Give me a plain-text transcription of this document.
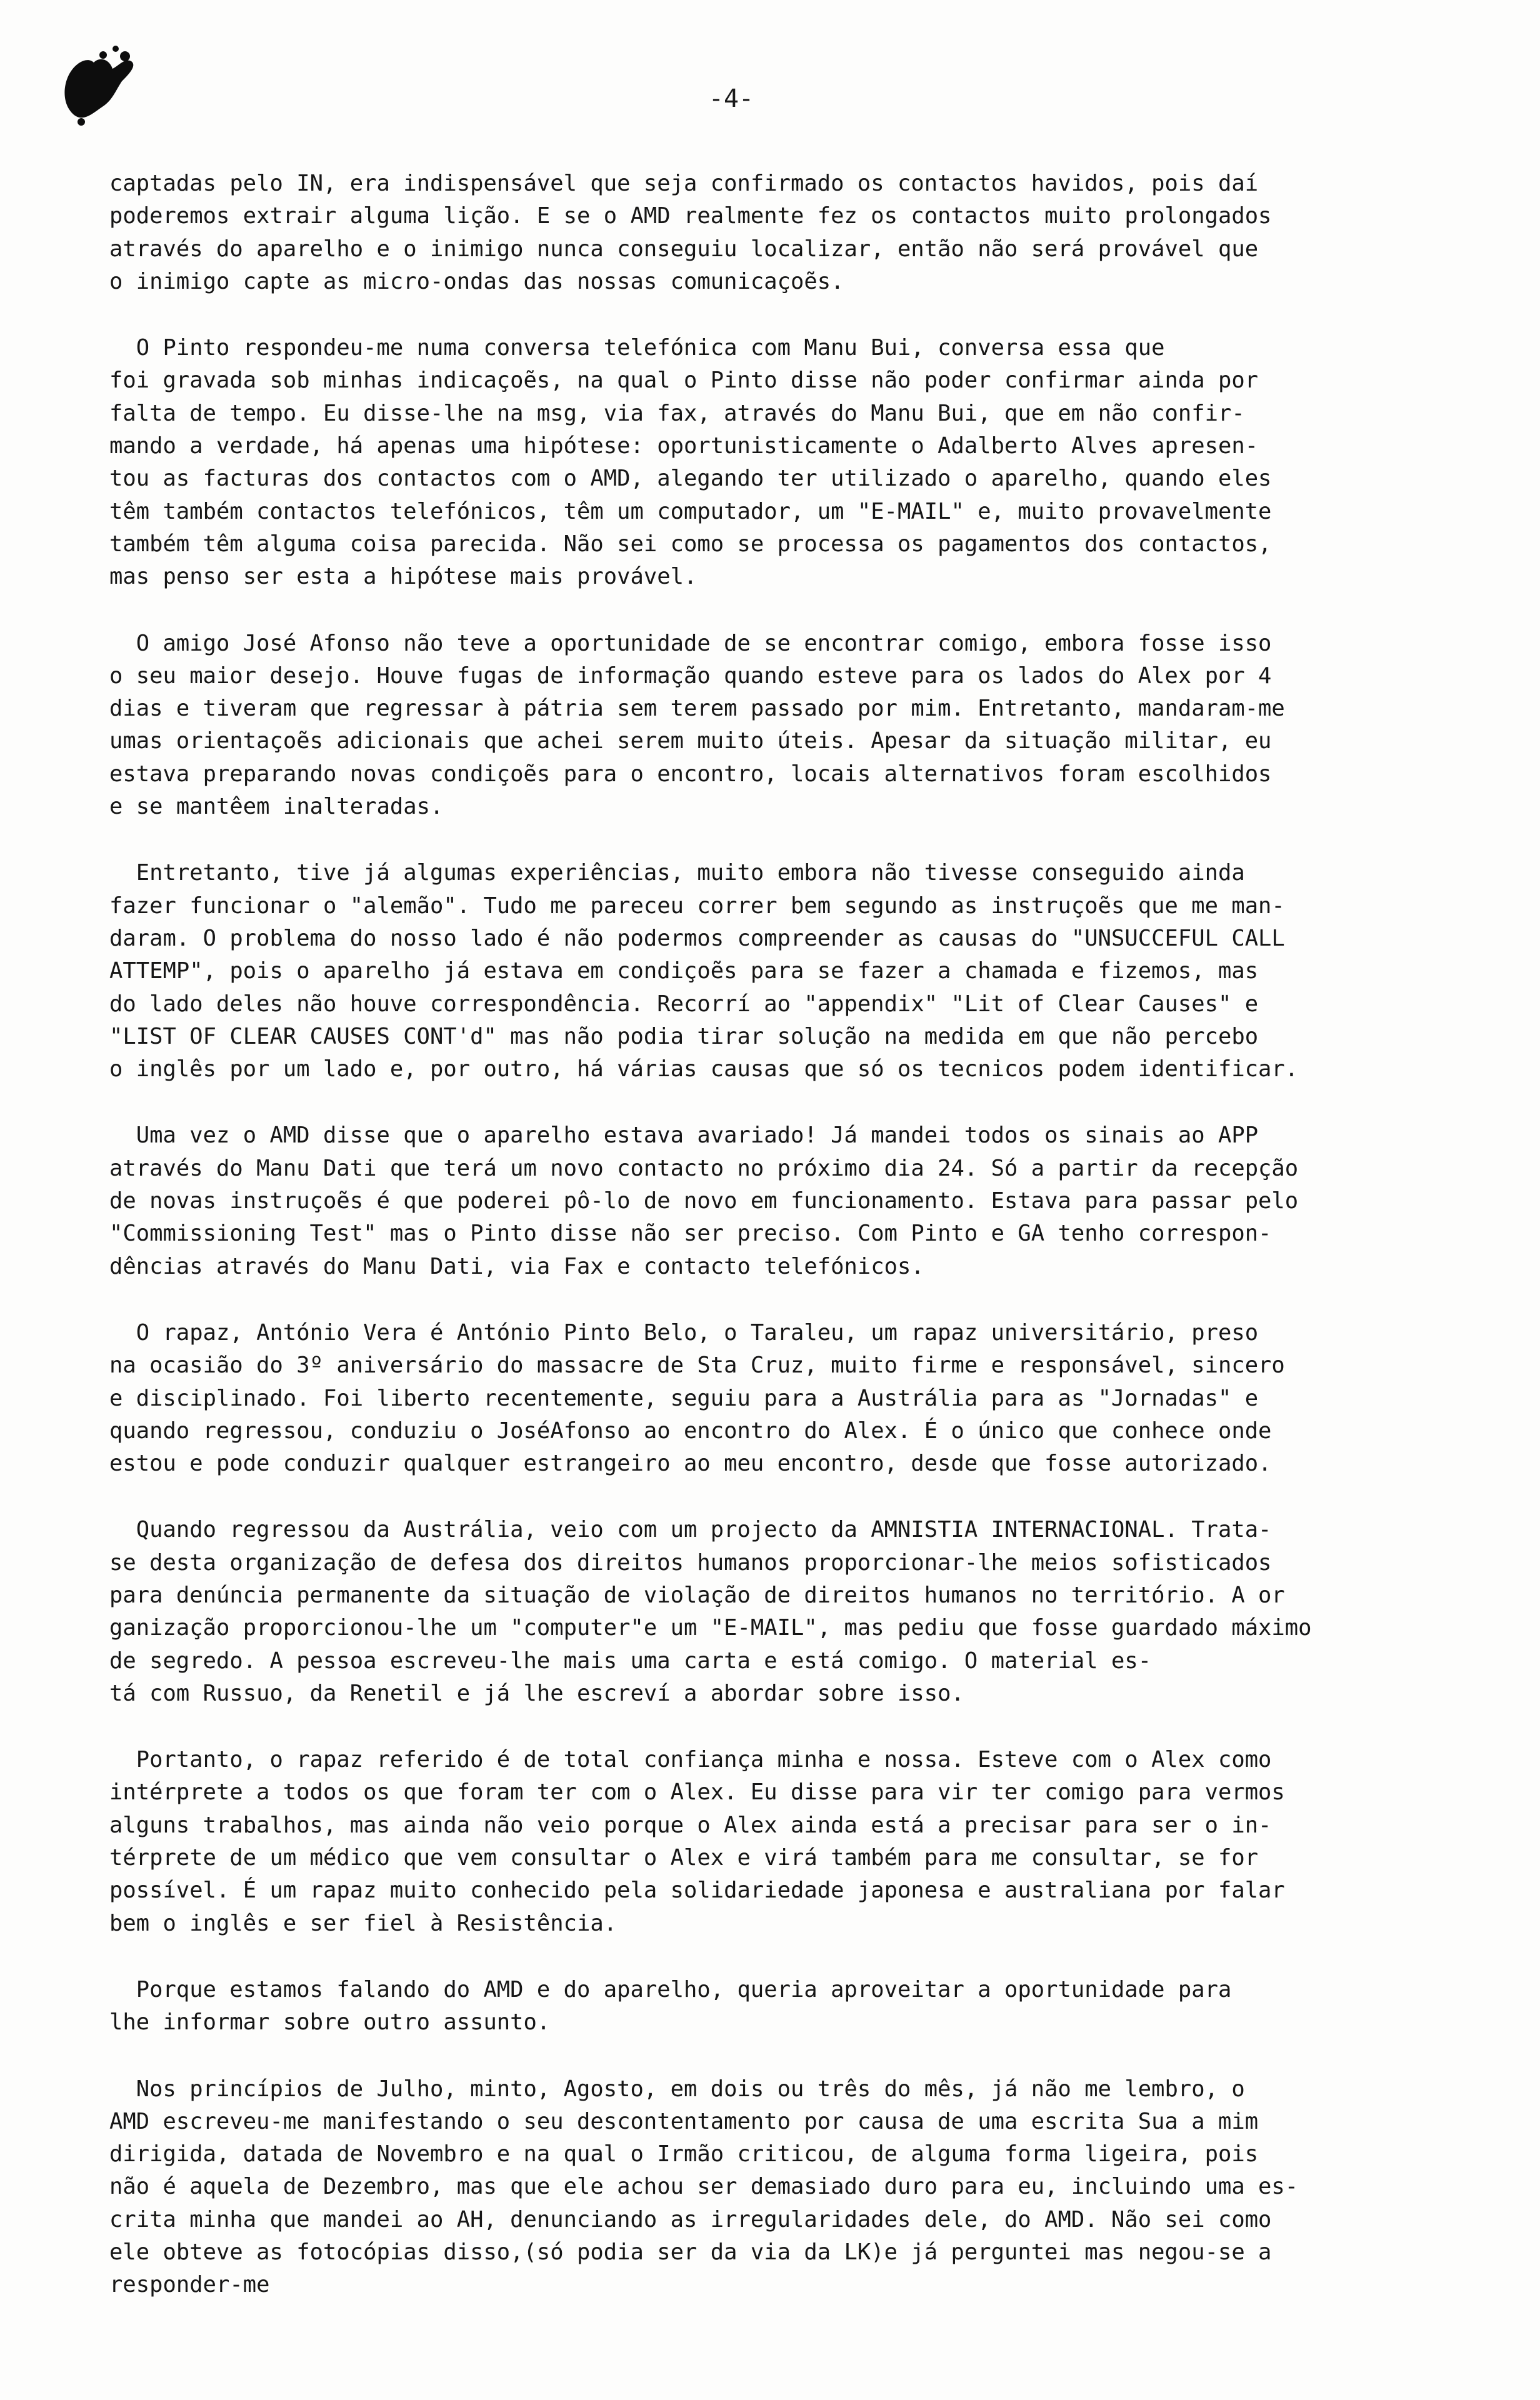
-4-

captadas pelo IN, era indispensável que seja confirmado os contactos havidos, pois daí
poderemos extrair alguma lição. E se o AMD realmente fez os contactos muito prolongados
através do aparelho e o inimigo nunca conseguiu localizar, então não será provável que
o inimigo capte as micro-ondas das nossas comunicaçoẽs.

O Pinto respondeu-me numa conversa telefónica com Manu Bui, conversa essa que
foi gravada sob minhas indicaçoẽs, na qual o Pinto disse não poder confirmar ainda por
falta de tempo. Eu disse-lhe na msg, via fax, através do Manu Bui, que em não confir-
mando a verdade, há apenas uma hipótese: oportunisticamente o Adalberto Alves apresen-
tou as facturas dos contactos com o AMD, alegando ter utilizado o aparelho, quando eles
têm também contactos telefónicos, têm um computador, um "E-MAIL" e, muito provavelmente
também têm alguma coisa parecida. Não sei como se processa os pagamentos dos contactos,
mas penso ser esta a hipótese mais provável.

O amigo José Afonso não teve a oportunidade de se encontrar comigo, embora fosse isso
o seu maior desejo. Houve fugas de informação quando esteve para os lados do Alex por 4
dias e tiveram que regressar à pátria sem terem passado por mim. Entretanto, mandaram-me
umas orientaçoẽs adicionais que achei serem muito úteis. Apesar da situação militar, eu
estava preparando novas condiçoẽs para o encontro, locais alternativos foram escolhidos
e se mantêem inalteradas.

Entretanto, tive já algumas experiências, muito embora não tivesse conseguido ainda
fazer funcionar o "alemão". Tudo me pareceu correr bem segundo as instruçoẽs que me man-
daram. O problema do nosso lado é não podermos compreender as causas do "UNSUCCEFUL CALL
ATTEMP", pois o aparelho já estava em condiçoẽs para se fazer a chamada e fizemos, mas
do lado deles não houve correspondência. Recorrí ao "appendix" "Lit of Clear Causes" e
"LIST OF CLEAR CAUSES CONT'd" mas não podia tirar solução na medida em que não percebo
o inglês por um lado e, por outro, há várias causas que só os tecnicos podem identificar.

Uma vez o AMD disse que o aparelho estava avariado! Já mandei todos os sinais ao APP
através do Manu Dati que terá um novo contacto no próximo dia 24. Só a partir da recepção
de novas instruçoẽs é que poderei pô-lo de novo em funcionamento. Estava para passar pelo
"Commissioning Test" mas o Pinto disse não ser preciso. Com Pinto e GA tenho correspon-
dências através do Manu Dati, via Fax e contacto telefónicos.

O rapaz, António Vera é António Pinto Belo, o Taraleu, um rapaz universitário, preso
na ocasião do 3º aniversário do massacre de Sta Cruz, muito firme e responsável, sincero
e disciplinado. Foi liberto recentemente, seguiu para a Austrália para as "Jornadas" e
quando regressou, conduziu o JoséAfonso ao encontro do Alex. É o único que conhece onde
estou e pode conduzir qualquer estrangeiro ao meu encontro, desde que fosse autorizado.

Quando regressou da Austrália, veio com um projecto da AMNISTIA INTERNACIONAL. Trata-
se desta organização de defesa dos direitos humanos proporcionar-lhe meios sofisticados
para denúncia permanente da situação de violação de direitos humanos no território. A or
ganização proporcionou-lhe um "computer"e um "E-MAIL", mas pediu que fosse guardado máximo
de segredo. A pessoa escreveu-lhe mais uma carta e está comigo. O material es-
tá com Russuo, da Renetil e já lhe escreví a abordar sobre isso.

Portanto, o rapaz referido é de total confiança minha e nossa. Esteve com o Alex como
intérprete a todos os que foram ter com o Alex. Eu disse para vir ter comigo para vermos
alguns trabalhos, mas ainda não veio porque o Alex ainda está a precisar para ser o in-
térprete de um médico que vem consultar o Alex e virá também para me consultar, se for
possível. É um rapaz muito conhecido pela solidariedade japonesa e australiana por falar
bem o inglês e ser fiel à Resistência.

Porque estamos falando do AMD e do aparelho, queria aproveitar a oportunidade para
lhe informar sobre outro assunto.

Nos princípios de Julho, minto, Agosto, em dois ou três do mês, já não me lembro, o
AMD escreveu-me manifestando o seu descontentamento por causa de uma escrita Sua a mim
dirigida, datada de Novembro e na qual o Irmão criticou, de alguma forma ligeira, pois
não é aquela de Dezembro, mas que ele achou ser demasiado duro para eu, incluindo uma es-
crita minha que mandei ao AH, denunciando as irregularidades dele, do AMD. Não sei como
ele obteve as fotocópias disso,(só podia ser da via da LK)e já perguntei mas negou-se a
responder-me
